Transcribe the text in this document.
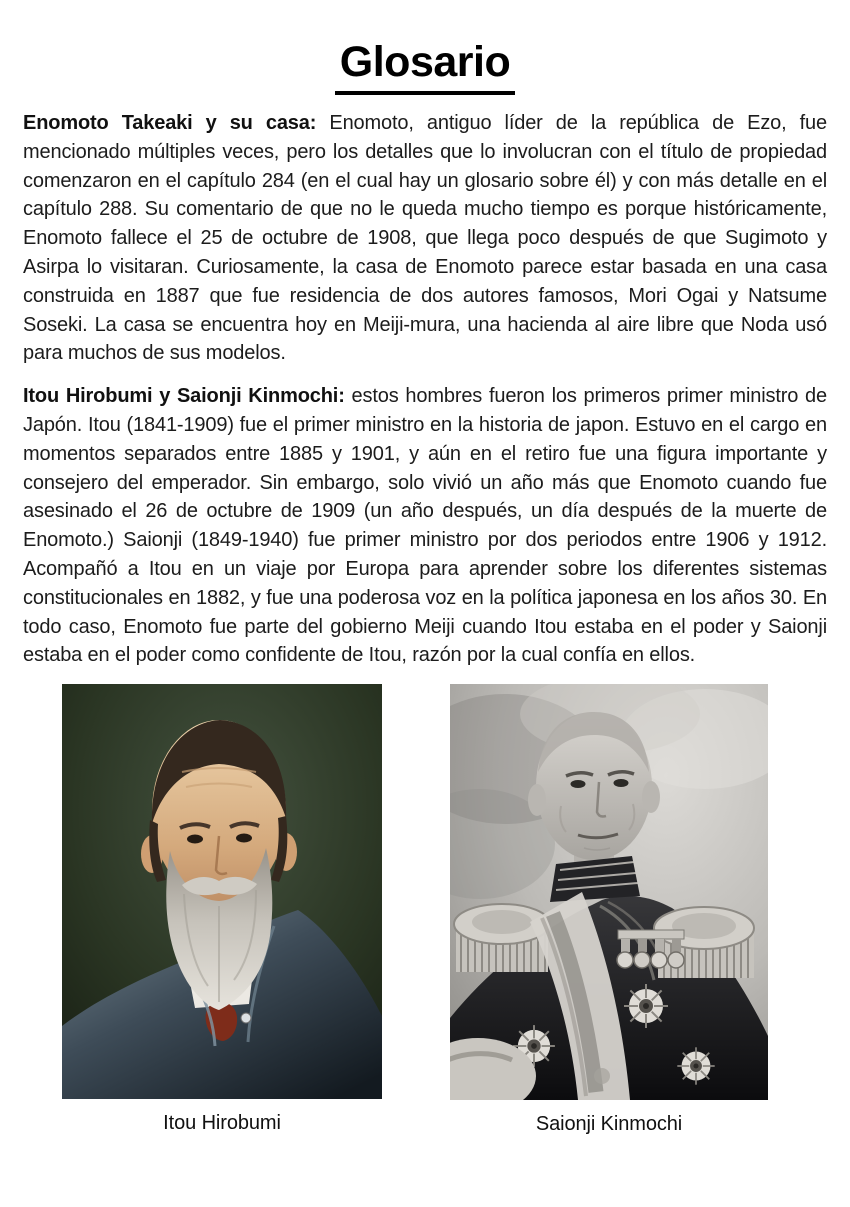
Glosario

Enomoto Takeaki y su casa: Enomoto, antiguo líder de la república de Ezo, fue mencionado múltiples veces, pero los detalles que lo involucran con el título de propiedad comenzaron en el capítulo 284 (en el cual hay un glosario sobre él) y con más detalle en el capítulo 288. Su comentario de que no le queda mucho tiempo es porque históricamente, Enomoto fallece el 25 de octubre de 1908, que llega poco después de que Sugimoto y Asirpa lo visitaran. Curiosamente, la casa de Enomoto parece estar basada en una casa construida en 1887 que fue residencia de dos autores famosos, Mori Ogai y Natsume Soseki. La casa se encuentra hoy en Meiji-mura, una hacienda al aire libre que Noda usó para muchos de sus modelos.

Itou Hirobumi y Saionji Kinmochi: estos hombres fueron los primeros primer ministro de Japón. Itou (1841-1909) fue el primer ministro en la historia de japon. Estuvo en el cargo en momentos separados entre 1885 y 1901, y aún en el retiro fue una figura importante y consejero del emperador. Sin embargo, solo vivió un año más que Enomoto cuando fue asesinado el 26 de octubre de 1909 (un año después, un día después de la muerte de Enomoto.) Saionji (1849-1940) fue primer ministro por dos periodos entre 1906 y 1912. Acompañó a Itou en un viaje por Europa para aprender sobre los diferentes sistemas constitucionales en 1882, y fue una poderosa voz en la política japonesa en los años 30. En todo caso, Enomoto fue parte del gobierno Meiji cuando Itou estaba en el poder y Saionji estaba en el poder como confidente de Itou, razón por la cual confía en ellos.

Itou Hirobumi	Saionji Kinmochi
